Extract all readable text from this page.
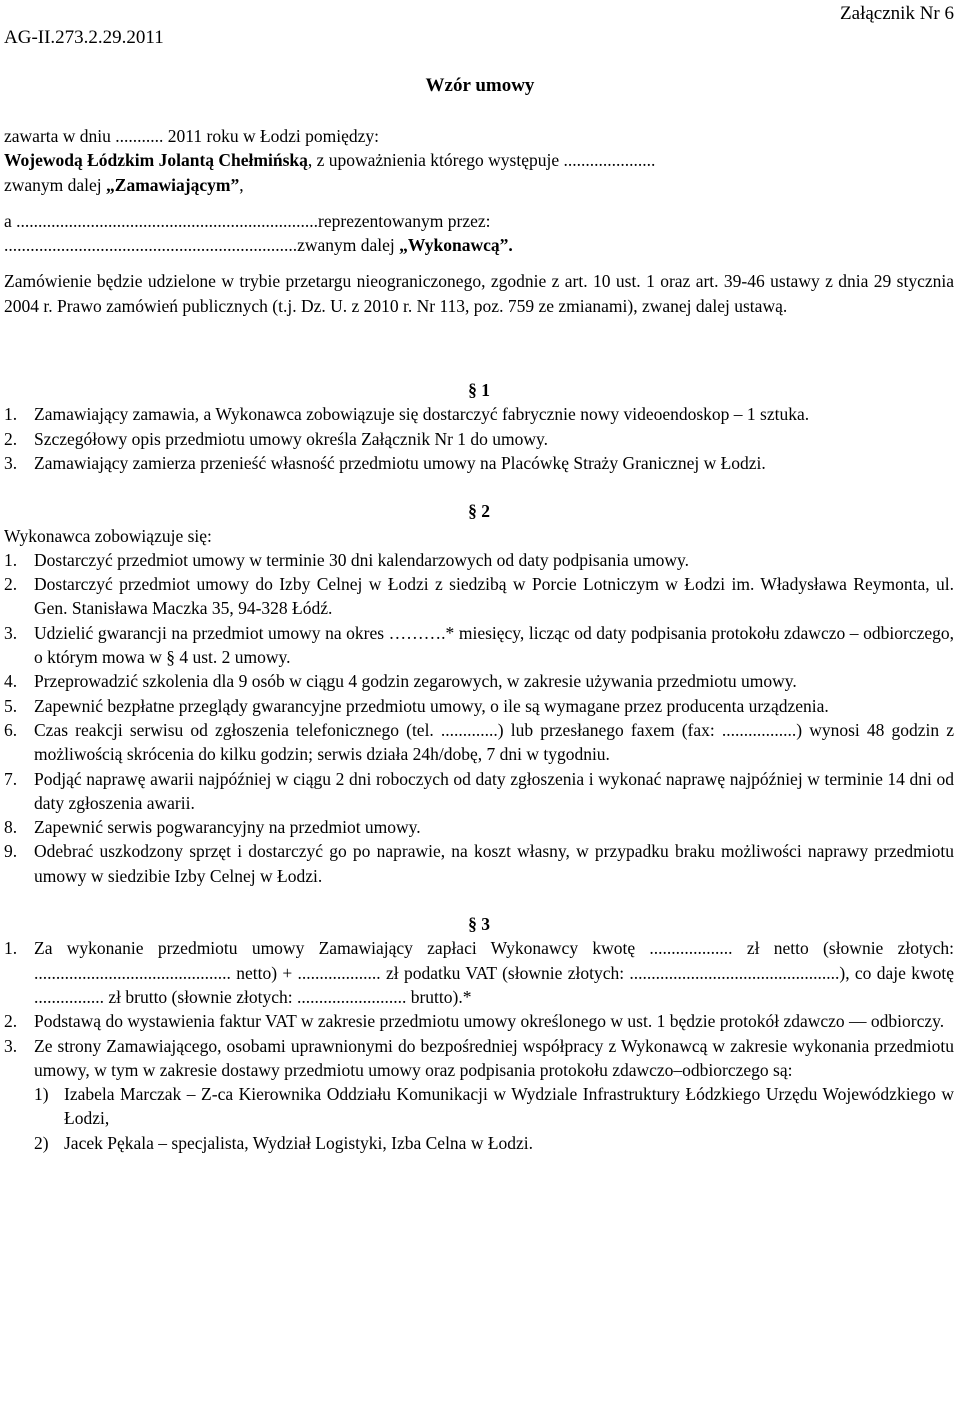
AG-II.273.2.29.2011
Załącznik Nr 6
Wzór umowy
zawarta w dniu ........... 2011 roku w Łodzi pomiędzy:
Wojewodą Łódzkim Jolantą Chełmińską, z upoważnienia którego występuje .....................
zwanym dalej „Zamawiającym”,
a .....................................................................reprezentowanym przez:
...................................................................zwanym dalej „Wykonawcą”.
Zamówienie będzie udzielone w trybie przetargu nieograniczonego, zgodnie z art. 10 ust. 1 oraz art. 39-46 ustawy z dnia 29 stycznia 2004 r. Prawo zamówień publicznych (t.j. Dz. U. z 2010 r. Nr 113, poz. 759 ze zmianami), zwanej dalej ustawą.
§ 1
1. Zamawiający zamawia, a Wykonawca zobowiązuje się dostarczyć fabrycznie nowy videoendoskop – 1 sztuka.
2. Szczegółowy opis przedmiotu umowy określa Załącznik Nr 1 do umowy.
3. Zamawiający zamierza przenieść własność przedmiotu umowy na Placówkę Straży Granicznej w Łodzi.
§ 2
Wykonawca zobowiązuje się:
1. Dostarczyć przedmiot umowy w terminie 30 dni kalendarzowych od daty podpisania umowy.
2. Dostarczyć przedmiot umowy do Izby Celnej w Łodzi z siedzibą w Porcie Lotniczym w Łodzi im. Władysława Reymonta, ul. Gen. Stanisława Maczka 35, 94-328 Łódź.
3. Udzielić gwarancji na przedmiot umowy na okres ……….* miesięcy, licząc od daty podpisania protokołu zdawczo – odbiorczego, o którym mowa w § 4 ust. 2 umowy.
4. Przeprowadzić szkolenia dla 9 osób w ciągu 4 godzin zegarowych, w zakresie używania przedmiotu umowy.
5. Zapewnić bezpłatne przeglądy gwarancyjne przedmiotu umowy, o ile są wymagane przez producenta urządzenia.
6. Czas reakcji serwisu od zgłoszenia telefonicznego (tel. .............) lub przesłanego faxem (fax: .................) wynosi 48 godzin z możliwością skrócenia do kilku godzin; serwis działa 24h/dobę, 7 dni w tygodniu.
7. Podjąć naprawę awarii najpóźniej w ciągu 2 dni roboczych od daty zgłoszenia i wykonać naprawę najpóźniej w terminie 14 dni od daty zgłoszenia awarii.
8. Zapewnić serwis pogwarancyjny na przedmiot umowy.
9. Odebrać uszkodzony sprzęt i dostarczyć go po naprawie, na koszt własny, w przypadku braku możliwości naprawy przedmiotu umowy w siedzibie Izby Celnej w Łodzi.
§ 3
1. Za wykonanie przedmiotu umowy Zamawiający zapłaci Wykonawcy kwotę ................... zł netto (słownie złotych: ............................................. netto) + ................... zł podatku VAT (słownie złotych: ................................................), co daje kwotę ................ zł brutto (słownie złotych: ......................... brutto).*
2. Podstawą do wystawienia faktur VAT w zakresie przedmiotu umowy określonego w ust. 1 będzie protokół zdawczo — odbiorczy.
3. Ze strony Zamawiającego, osobami uprawnionymi do bezpośredniej współpracy z Wykonawcą w zakresie wykonania przedmiotu umowy, w tym w zakresie dostawy przedmiotu umowy oraz podpisania protokołu zdawczo–odbiorczego są:
1) Izabela Marczak – Z-ca Kierownika Oddziału Komunikacji w Wydziale Infrastruktury Łódzkiego Urzędu Wojewódzkiego w Łodzi,
2) Jacek Pękala – specjalista, Wydział Logistyki, Izba Celna w Łodzi.
